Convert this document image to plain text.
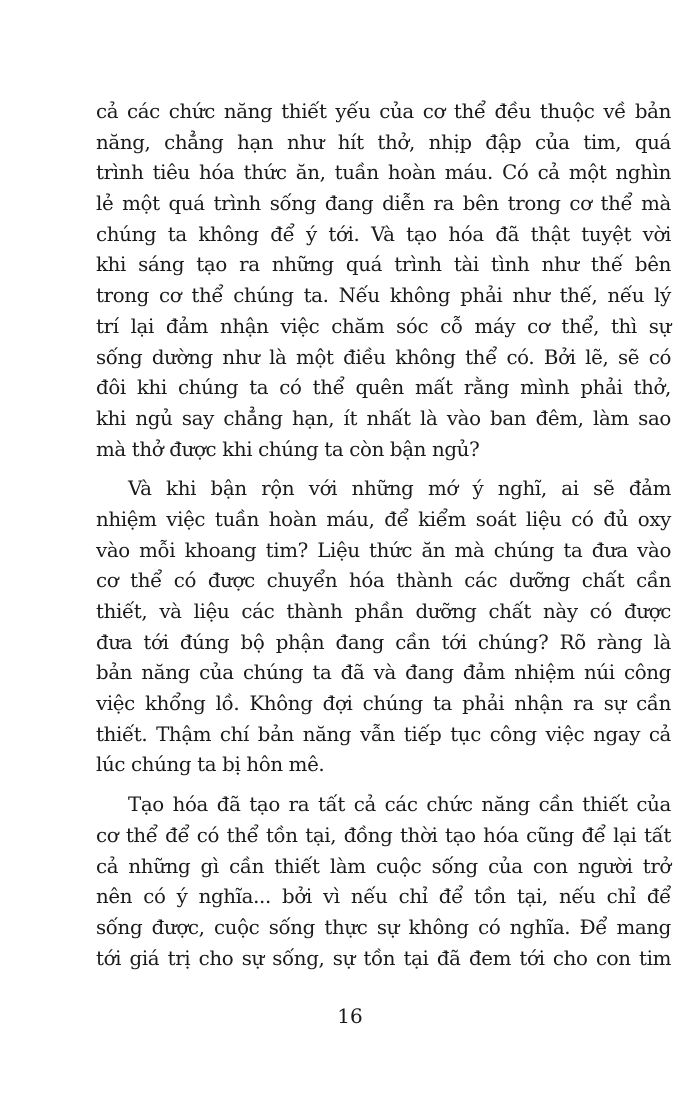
cả các chức năng thiết yếu của cơ thể đều thuộc về bản
năng, chẳng hạn như hít thở, nhịp đập của tim, quá
trình tiêu hóa thức ăn, tuần hoàn máu. Có cả một nghìn
lẻ một quá trình sống đang diễn ra bên trong cơ thể mà
chúng ta không để ý tới. Và tạo hóa đã thật tuyệt vời
khi sáng tạo ra những quá trình tài tình như thế bên
trong cơ thể chúng ta. Nếu không phải như thế, nếu lý
trí lại đảm nhận việc chăm sóc cỗ máy cơ thể, thì sự
sống dường như là một điều không thể có. Bởi lẽ, sẽ có
đôi khi chúng ta có thể quên mất rằng mình phải thở,
khi ngủ say chẳng hạn, ít nhất là vào ban đêm, làm sao
mà thở được khi chúng ta còn bận ngủ?
Và khi bận rộn với những mớ ý nghĩ, ai sẽ đảm
nhiệm việc tuần hoàn máu, để kiểm soát liệu có đủ oxy
vào mỗi khoang tim? Liệu thức ăn mà chúng ta đưa vào
cơ thể có được chuyển hóa thành các dưỡng chất cần
thiết, và liệu các thành phần dưỡng chất này có được
đưa tới đúng bộ phận đang cần tới chúng? Rõ ràng là
bản năng của chúng ta đã và đang đảm nhiệm núi công
việc khổng lồ. Không đợi chúng ta phải nhận ra sự cần
thiết. Thậm chí bản năng vẫn tiếp tục công việc ngay cả
lúc chúng ta bị hôn mê.
Tạo hóa đã tạo ra tất cả các chức năng cần thiết của
cơ thể để có thể tồn tại, đồng thời tạo hóa cũng để lại tất
cả những gì cần thiết làm cuộc sống của con người trở
nên có ý nghĩa... bởi vì nếu chỉ để tồn tại, nếu chỉ để
sống được, cuộc sống thực sự không có nghĩa. Để mang
tới giá trị cho sự sống, sự tồn tại đã đem tới cho con tim
16
